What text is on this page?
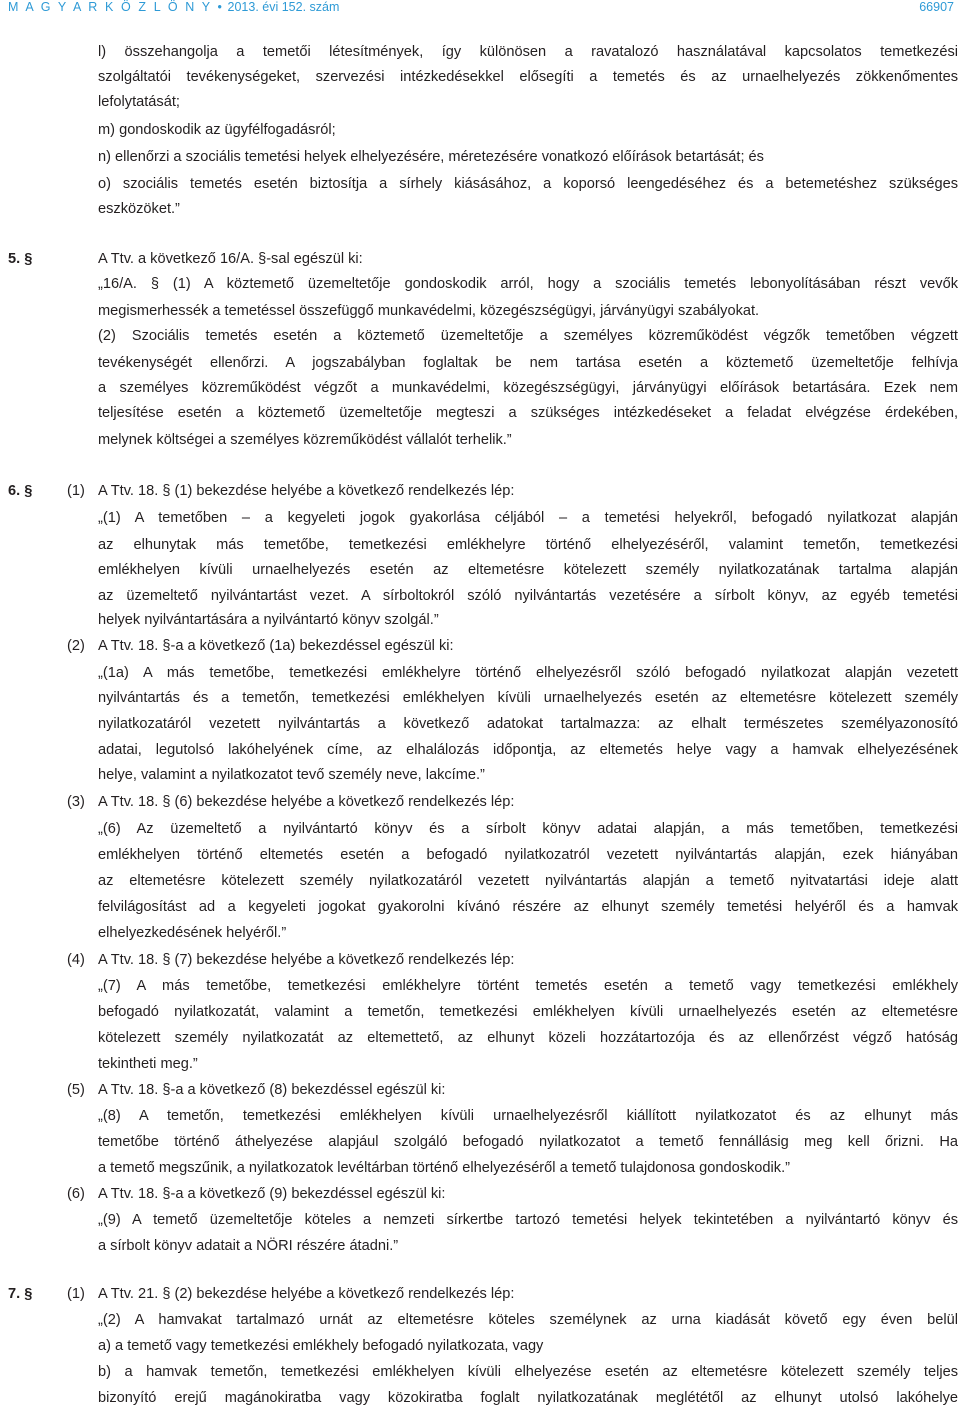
M A G Y A R K Ö Z L Ö N Y • 2013. évi 152. szám	66907
l) összehangolja a temetői létesítmények, így különösen a ravatalozó használatával kapcsolatos temetkezési
szolgáltatói tevékenységeket, szervezési intézkedésekkel elősegíti a temetés és az urnaelhelyezés zökkenőmentes
lefolytatását;
m) gondoskodik az ügyfélfogadásról;
n) ellenőrzi a szociális temetési helyek elhelyezésére, méretezésére vonatkozó előírások betartását; és
o) szociális temetés esetén biztosítja a sírhely kiásásához, a koporsó leengedéséhez és a betemetéshez szükséges
eszközöket.”
A Ttv. a következő 16/A. §-sal egészül ki:
„16/A. § (1) A köztemető üzemeltetője gondoskodik arról, hogy a szociális temetés lebonyolításában részt vevők
megismerhessék a temetéssel összefüggő munkavédelmi, közegészségügyi, járványügyi szabályokat.
(2) Szociális temetés esetén a köztemető üzemeltetője a személyes közreműködést végzők temetőben végzett
tevékenységét ellenőrzi. A jogszabályban foglaltak be nem tartása esetén a köztemető üzemeltetője felhívja
a személyes közreműködést végzőt a munkavédelmi, közegészségügyi, járványügyi előírások betartására. Ezek nem
teljesítése esetén a köztemető üzemeltetője megteszi a szükséges intézkedéseket a feladat elvégzése érdekében,
melynek költségei a személyes közreműködést vállalót terhelik.”
A Ttv. 18. § (1) bekezdése helyébe a következő rendelkezés lép:
„(1) A temetőben – a kegyeleti jogok gyakorlása céljából – a temetési helyekről, befogadó nyilatkozat alapján
az elhunytak más temetőbe, temetkezési emlékhelyre történő elhelyezéséről, valamint temetőn, temetkezési
emlékhelyen kívüli urnaelhelyezés esetén az eltemetésre kötelezett személy nyilatkozatának tartalma alapján
az üzemeltető nyilvántartást vezet. A sírboltokról szóló nyilvántartás vezetésére a sírbolt könyv, az egyéb temetési
helyek nyilvántartására a nyilvántartó könyv szolgál.”
A Ttv. 18. §-a a következő (1a) bekezdéssel egészül ki:
„(1a) A más temetőbe, temetkezési emlékhelyre történő elhelyezésről szóló befogadó nyilatkozat alapján vezetett
nyilvántartás és a temetőn, temetkezési emlékhelyen kívüli urnaelhelyezés esetén az eltemetésre kötelezett személy
nyilatkozatáról vezetett nyilvántartás a következő adatokat tartalmazza: az elhalt természetes személyazonosító
adatai, legutolsó lakóhelyének címe, az elhalálozás időpontja, az eltemetés helye vagy a hamvak elhelyezésének
helye, valamint a nyilatkozatot tevő személy neve, lakcíme.”
A Ttv. 18. § (6) bekezdése helyébe a következő rendelkezés lép:
„(6) Az üzemeltető a nyilvántartó könyv és a sírbolt könyv adatai alapján, a más temetőben, temetkezési
emlékhelyen történő eltemetés esetén a befogadó nyilatkozatról vezetett nyilvántartás alapján, ezek hiányában
az eltemetésre kötelezett személy nyilatkozatáról vezetett nyilvántartás alapján a temető nyitvatartási ideje alatt
felvilágosítást ad a kegyeleti jogokat gyakorolni kívánó részére az elhunyt személy temetési helyéről és a hamvak
elhelyezkedésének helyéről.”
A Ttv. 18. § (7) bekezdése helyébe a következő rendelkezés lép:
„(7) A más temetőbe, temetkezési emlékhelyre történt temetés esetén a temető vagy temetkezési emlékhely
befogadó nyilatkozatát, valamint a temetőn, temetkezési emlékhelyen kívüli urnaelhelyezés esetén az eltemetésre
kötelezett személy nyilatkozatát az eltemettető, az elhunyt közeli hozzátartozója és az ellenőrzést végző hatóság
tekintheti meg.”
A Ttv. 18. §-a a következő (8) bekezdéssel egészül ki:
„(8) A temetőn, temetkezési emlékhelyen kívüli urnaelhelyezésről kiállított nyilatkozatot és az elhunyt más
temetőbe történő áthelyezése alapjául szolgáló befogadó nyilatkozatot a temető fennállásig meg kell őrizni. Ha
a temető megszűnik, a nyilatkozatok levéltárban történő elhelyezéséről a temető tulajdonosa gondoskodik.”
A Ttv. 18. §-a a következő (9) bekezdéssel egészül ki:
„(9) A temető üzemeltetője köteles a nemzeti sírkertbe tartozó temetési helyek tekintetében a nyilvántartó könyv és
a sírbolt könyv adatait a NÖRI részére átadni.”
A Ttv. 21. § (2) bekezdése helyébe a következő rendelkezés lép:
„(2) A hamvakat tartalmazó urnát az eltemetésre köteles személynek az urna kiadását követő egy éven belül
a) a temető vagy temetkezési emlékhely befogadó nyilatkozata, vagy
b) a hamvak temetőn, temetkezési emlékhelyen kívüli elhelyezése esetén az eltemetésre kötelezett személy teljes
bizonyító erejű magánokiratba vagy közokiratba foglalt nyilatkozatának meglététől az elhunyt utolsó lakóhelye
5. §
6. §
7. §
(1)
(2)
(3)
(4)
(5)
(6)
(1)
